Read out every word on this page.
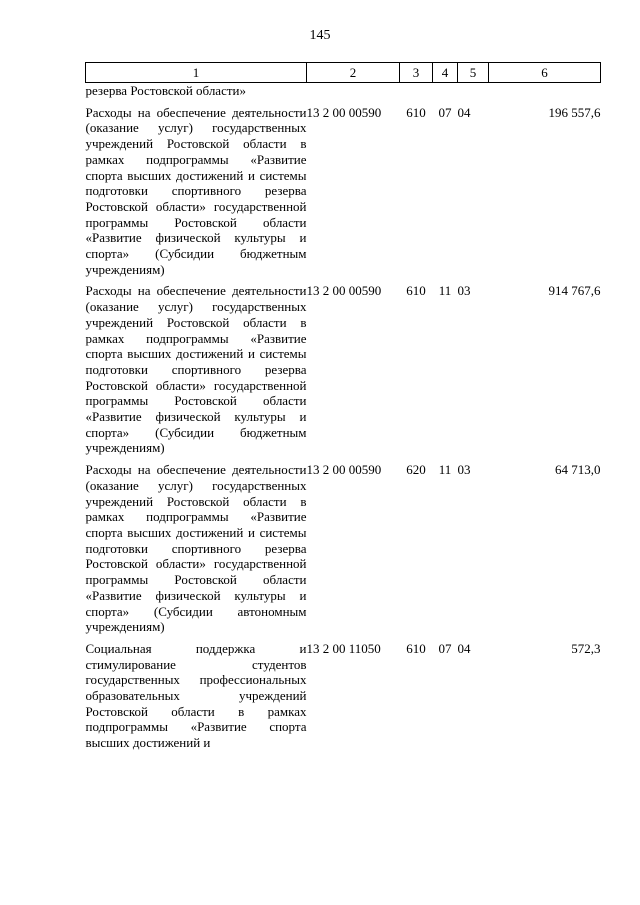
145
1	2	3	4	5	6
резерва Ростовской области»					
Расходы на обеспечение деятельности (оказание услуг) государственных учреждений Ростовской области в рамках подпрограммы «Развитие спорта высших достижений и системы подготовки спортивного резерва Ростовской области» государственной программы Ростовской области «Развитие физической культуры и спорта» (Субсидии бюджетным учреждениям)	13 2 00 00590	610	07	04	196 557,6
Расходы на обеспечение деятельности (оказание услуг) государственных учреждений Ростовской области в рамках подпрограммы «Развитие спорта высших достижений и системы подготовки спортивного резерва Ростовской области» государственной программы Ростовской области «Развитие физической культуры и спорта» (Субсидии бюджетным учреждениям)	13 2 00 00590	610	11	03	914 767,6
Расходы на обеспечение деятельности (оказание услуг) государственных учреждений Ростовской области в рамках подпрограммы «Развитие спорта высших достижений и системы подготовки спортивного резерва Ростовской области» государственной программы Ростовской области «Развитие физической культуры и спорта» (Субсидии автономным учреждениям)	13 2 00 00590	620	11	03	64 713,0
Социальная поддержка и стимулирование студентов государственных профессиональных образовательных учреждений Ростовской области в рамках подпрограммы «Развитие спорта высших достижений и	13 2 00 11050	610	07	04	572,3
